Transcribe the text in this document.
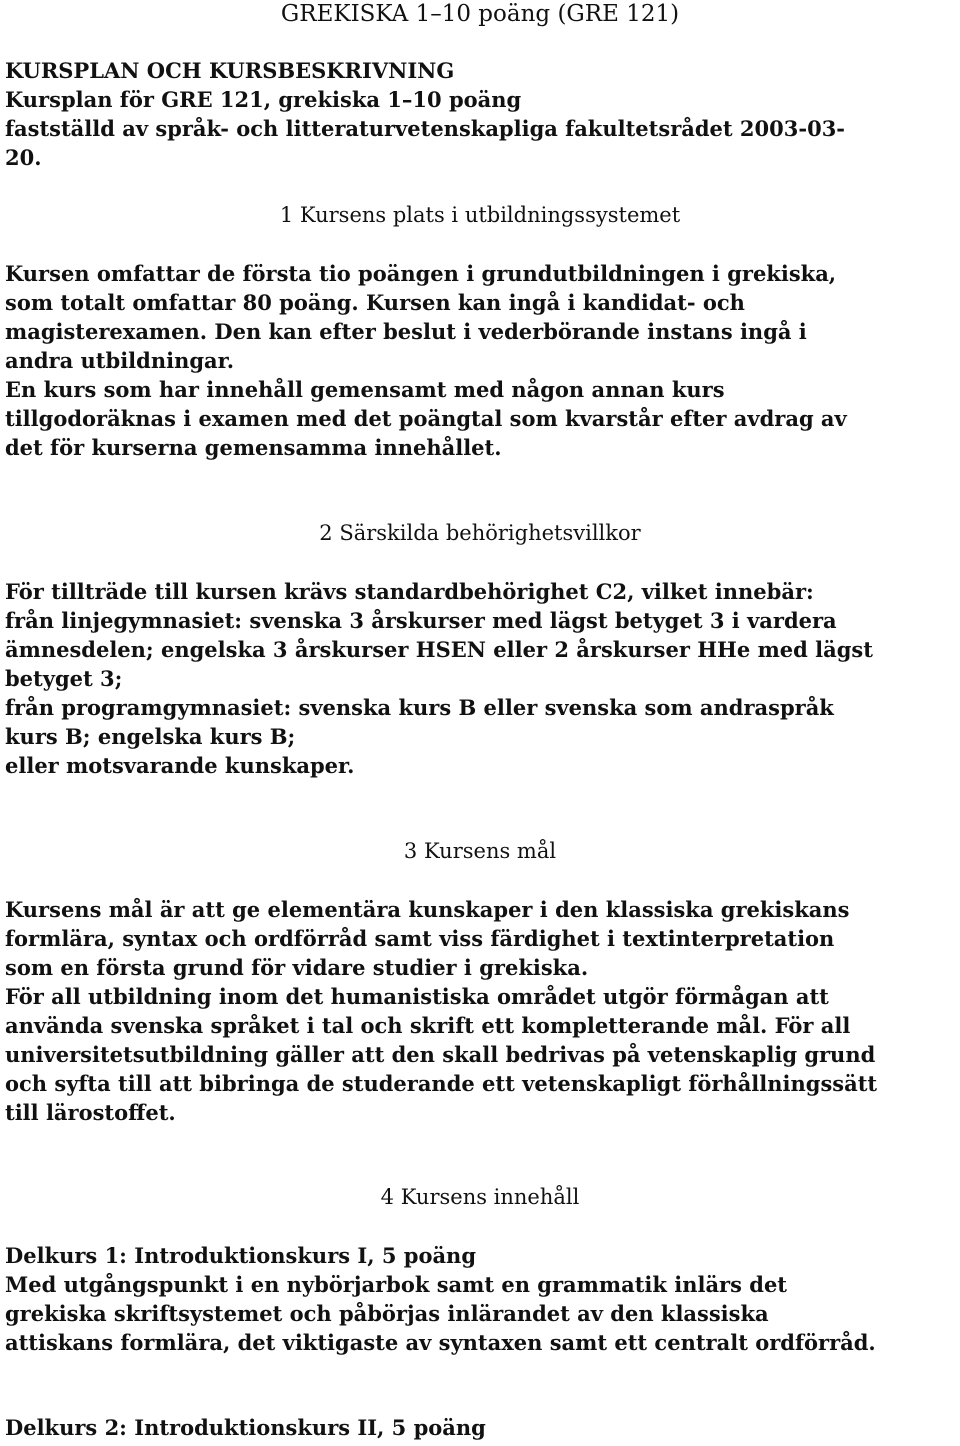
GREKISKA 1–10 poäng (GRE 121)
KURSPLAN OCH KURSBESKRIVNING
Kursplan för GRE 121, grekiska 1–10 poäng
fastställd av språk- och litteraturvetenskapliga fakultetsrådet 2003-03-
20.
1 Kursens plats i utbildningssystemet
Kursen omfattar de första tio poängen i grundutbildningen i grekiska,
som totalt omfattar 80 poäng. Kursen kan ingå i kandidat- och
magisterexamen. Den kan efter beslut i vederbörande instans ingå i
andra utbildningar.
En kurs som har innehåll gemensamt med någon annan kurs
tillgodoräknas i examen med det poängtal som kvarstår efter avdrag av
det för kurserna gemensamma innehållet.
2 Särskilda behörighetsvillkor
För tillträde till kursen krävs standardbehörighet C2, vilket innebär:
från linjegymnasiet: svenska 3 årskurser med lägst betyget 3 i vardera
ämnesdelen; engelska 3 årskurser HSEN eller 2 årskurser HHe med lägst
betyget 3;
från programgymnasiet: svenska kurs B eller svenska som andraspråk
kurs B; engelska kurs B;
eller motsvarande kunskaper.
3 Kursens mål
Kursens mål är att ge elementära kunskaper i den klassiska grekiskans
formlära, syntax och ordförråd samt viss färdighet i textinterpretation
som en första grund för vidare studier i grekiska.
För all utbildning inom det humanistiska området utgör förmågan att
använda svenska språket i tal och skrift ett kompletterande mål. För all
universitetsutbildning gäller att den skall bedrivas på vetenskaplig grund
och syfta till att bibringa de studerande ett vetenskapligt förhållningssätt
till lärostoffet.
4 Kursens innehåll
Delkurs 1: Introduktionskurs I, 5 poäng
Med utgångspunkt i en nybörjarbok samt en grammatik inlärs det
grekiska skriftsystemet och påbörjas inlärandet av den klassiska
attiskans formlära, det viktigaste av syntaxen samt ett centralt ordförråd.
Delkurs 2: Introduktionskurs II, 5 poäng
